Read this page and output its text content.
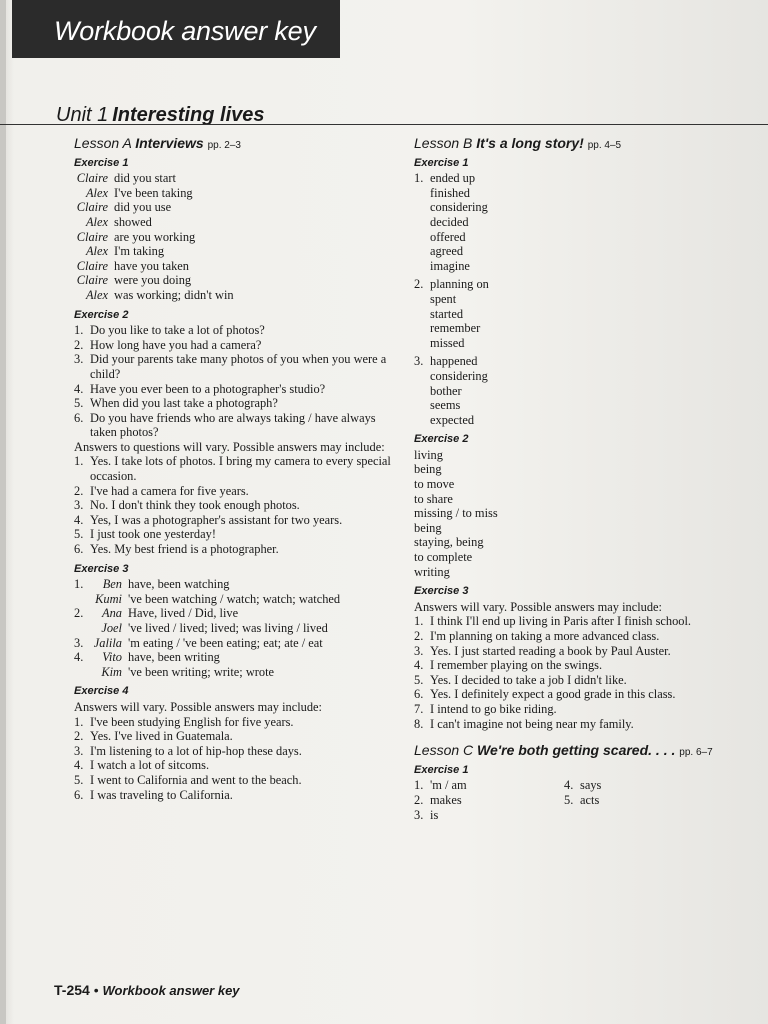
Workbook answer key
Unit 1 Interesting lives
Lesson A Interviews pp. 2–3
Exercise 1
Claire did you start
Alex I've been taking
Claire did you use
Alex showed
Claire are you working
Alex I'm taking
Claire have you taken
Claire were you doing
Alex was working; didn't win
Exercise 2
1. Do you like to take a lot of photos?
2. How long have you had a camera?
3. Did your parents take many photos of you when you were a child?
4. Have you ever been to a photographer's studio?
5. When did you last take a photograph?
6. Do you have friends who are always taking / have always taken photos?
Answers to questions will vary. Possible answers may include:
1. Yes. I take lots of photos. I bring my camera to every special occasion.
2. I've had a camera for five years.
3. No. I don't think they took enough photos.
4. Yes, I was a photographer's assistant for two years.
5. I just took one yesterday!
6. Yes. My best friend is a photographer.
Exercise 3
1.	Ben have, been watching
Kumi 've been watching / watch; watch; watched
2.	Ana Have, lived / Did, live
Joel 've lived / lived; lived; was living / lived
3. Jalila 'm eating / 've been eating; eat; ate / eat
4.	Vito have, been writing
Kim 've been writing; write; wrote
Exercise 4
Answers will vary. Possible answers may include:
1. I've been studying English for five years.
2. Yes. I've lived in Guatemala.
3. I'm listening to a lot of hip-hop these days.
4. I watch a lot of sitcoms.
5. I went to California and went to the beach.
6. I was traveling to California.
Lesson B It's a long story! pp. 4–5
Exercise 1
1. ended up
finished
considering
decided
offered
agreed
imagine
2. planning on
spent
started
remember
missed
3. happened
considering
bother
seems
expected
Exercise 2
living
being
to move
to share
missing / to miss
being
staying, being
to complete
writing
Exercise 3
Answers will vary. Possible answers may include:
1. I think I'll end up living in Paris after I finish school.
2. I'm planning on taking a more advanced class.
3. Yes. I just started reading a book by Paul Auster.
4. I remember playing on the swings.
5. Yes. I decided to take a job I didn't like.
6. Yes. I definitely expect a good grade in this class.
7. I intend to go bike riding.
8. I can't imagine not being near my family.
Lesson C We're both getting scared. . . . pp. 6–7
Exercise 1
1. 'm / am
2. makes
3. is
4. says
5. acts
T-254 • Workbook answer key
